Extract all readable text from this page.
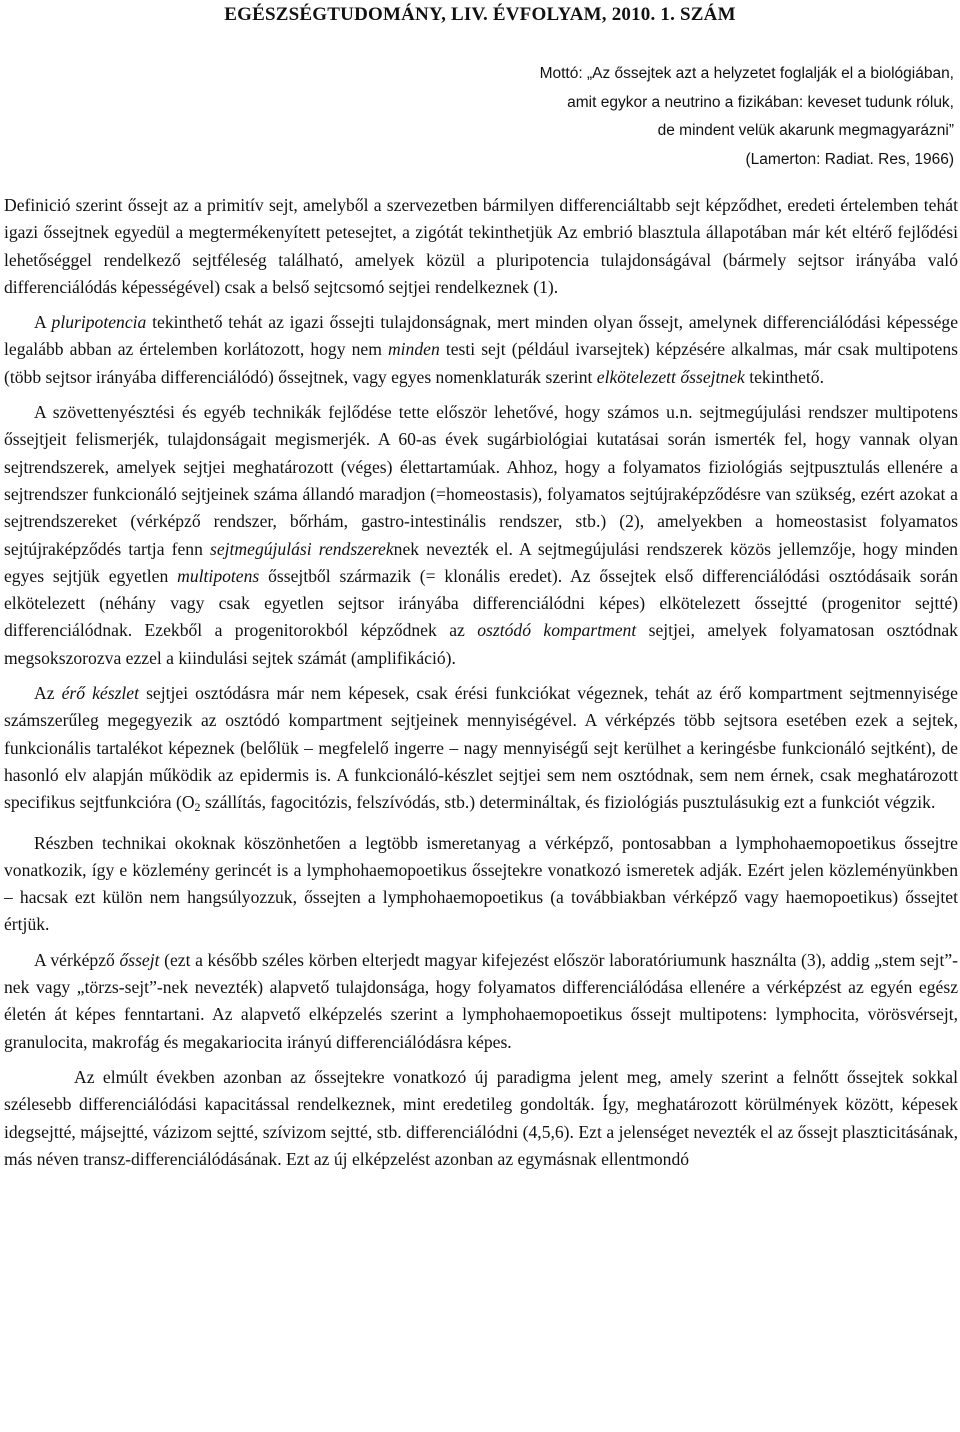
EGÉSZSÉGTUDOMÁNY, LIV. ÉVFOLYAM, 2010. 1. SZÁM
Mottó: „Az őssejtek azt a helyzetet foglalják el a biológiában,
amit egykor a neutrino a fizikában: keveset tudunk róluk,
de mindent velük akarunk megmagyarázni”
(Lamerton: Radiat. Res, 1966)

Definició szerint őssejt az a primitív sejt, amelyből a szervezetben bármilyen differenciáltabb sejt képződhet, eredeti értelemben tehát igazi őssejtnek egyedül a megtermékenyített petesejtet, a zigótát tekinthetjük Az embrió blasztula állapotában már két eltérő fejlődési lehetőséggel rendelkező sejtféleség található, amelyek közül a pluripotencia tulajdonságával (bármely sejtsor irányába való differenciálódás képességével) csak a belső sejtcsomó sejtjei rendelkeznek (1).

A pluripotencia tekinthető tehát az igazi őssejti tulajdonságnak, mert minden olyan őssejt, amelynek differenciálódási képessége legalább abban az értelemben korlátozott, hogy nem minden testi sejt (például ivarsejtek) képzésére alkalmas, már csak multipotens (több sejtsor irányába differenciálódó) őssejtnek, vagy egyes nomenklaturák szerint elkötelezett őssejtnek tekinthető.

A szövettenyésztési és egyéb technikák fejlődése tette először lehetővé, hogy számos u.n. sejtmegújulási rendszer multipotens őssejtjeit felismerjék, tulajdonságait megismerjék. A 60-as évek sugárbiológiai kutatásai során ismerték fel, hogy vannak olyan sejtrendszerek, amelyek sejtjei meghatározott (véges) élettartamúak. Ahhoz, hogy a folyamatos fiziológiás sejtpusztulás ellenére a sejtrendszer funkcionáló sejtjeinek száma állandó maradjon (=homeostasis), folyamatos sejtújraképződésre van szükség, ezért azokat a sejtrendszereket (vérképző rendszer, bőrhám, gastro-intestinális rendszer, stb.) (2), amelyekben a homeostasist folyamatos sejtújraképződés tartja fenn sejtmegújulási rendszereknek nevezték el. A sejtmegújulási rendszerek közös jellemzője, hogy minden egyes sejtjük egyetlen multipotens őssejtből származik (= klonális eredet). Az őssejtek első differenciálódási osztódásaik során elkötelezett (néhány vagy csak egyetlen sejtsor irányába differenciálódni képes) elkötelezett őssejtté (progenitor sejtté) differenciálódnak. Ezekből a progenitorokból képződnek az osztódó kompartment sejtjei, amelyek folyamatosan osztódnak megsokszorozva ezzel a kiindulási sejtek számát (amplifikáció).

Az érő készlet sejtjei osztódásra már nem képesek, csak érési funkciókat végeznek, tehát az érő kompartment sejtmennyisége számszerűleg megegyezik az osztódó kompartment sejtjeinek mennyiségével. A vérképzés több sejtsora esetében ezek a sejtek, funkcionális tartalékot képeznek (belőlük – megfelelő ingerre – nagy mennyiségű sejt kerülhet a keringésbe funkcionáló sejtként), de hasonló elv alapján működik az epidermis is. A funkcionáló-készlet sejtjei sem nem osztódnak, sem nem érnek, csak meghatározott specifikus sejtfunkcióra ($O_2$ szállítás, fagocitózis, felszívódás, stb.) determináltak, és fiziológiás pusztulásukig ezt a funkciót végzik.

Részben technikai okoknak köszönhetően a legtöbb ismeretanyag a vérképző, pontosabban a lymphohaemopoetikus őssejtre vonatkozik, így e közlemény gerincét is a lymphohaemopoetikus őssejtekre vonatkozó ismeretek adják. Ezért jelen közleményünkben – hacsak ezt külön nem hangsúlyozzuk, őssejten a lymphohaemopoetikus (a továbbiakban vérképző vagy haemopoetikus) őssejtet értjük.

A vérképző őssejt (ezt a később széles körben elterjedt magyar kifejezést először laboratóriumunk használta (3), addig „stem sejt”-nek vagy „törzs-sejt”-nek nevezték) alapvető tulajdonsága, hogy folyamatos differenciálódása ellenére a vérképzést az egyén egész életén át képes fenntartani. Az alapvető elképzelés szerint a lymphohaemopoetikus őssejt multipotens: lymphocita, vörösvérsejt, granulocita, makrofág és megakariocita irányú differenciálódásra képes.

Az elmúlt években azonban az őssejtekre vonatkozó új paradigma jelent meg, amely szerint a felnőtt őssejtek sokkal szélesebb differenciálódási kapacitással rendelkeznek, mint eredetileg gondolták. Így, meghatározott körülmények között, képesek idegsejtté, májsejtté, vázizom sejtté, szívizom sejtté, stb. differenciálódni (4,5,6). Ezt a jelenséget nevezték el az őssejt plaszticitásának, más néven transz-differenciálódásának. Ezt az új elképzelést azonban az egymásnak ellentmondó
